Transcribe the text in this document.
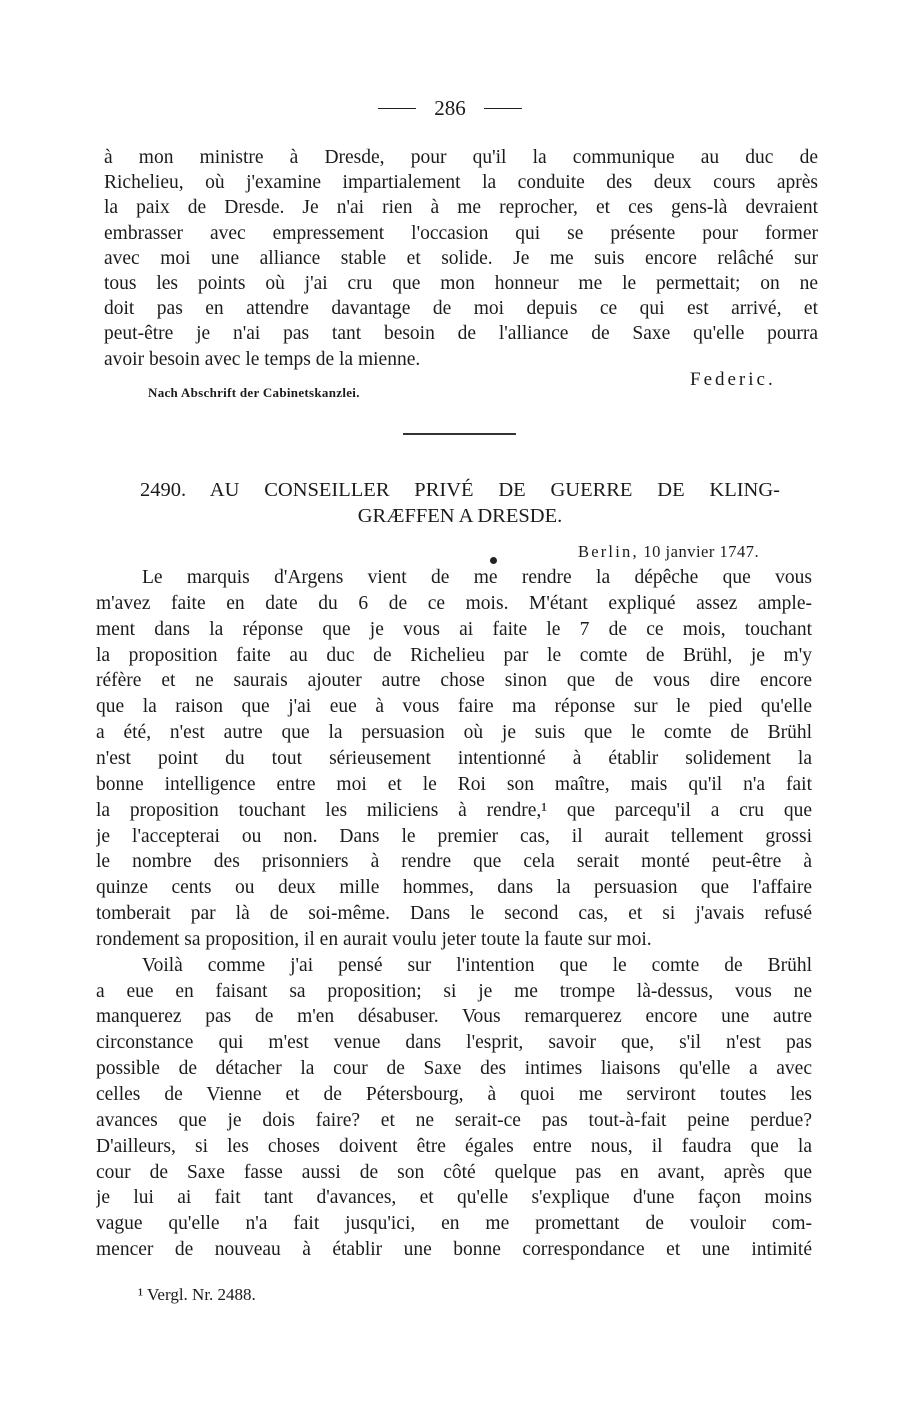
286
à mon ministre à Dresde, pour qu'il la communique au duc de
Richelieu, où j'examine impartialement la conduite des deux cours après
la paix de Dresde. Je n'ai rien à me reprocher, et ces gens-là devraient
embrasser avec empressement l'occasion qui se présente pour former
avec moi une alliance stable et solide. Je me suis encore relâché sur
tous les points où j'ai cru que mon honneur me le permettait; on ne
doit pas en attendre davantage de moi depuis ce qui est arrivé, et
peut-être je n'ai pas tant besoin de l'alliance de Saxe qu'elle pourra
avoir besoin avec le temps de la mienne.
Nach Abschrift der Cabinetskanzlei.
Federic.
2490. AU CONSEILLER PRIVÉ DE GUERRE DE KLING-
GRÆFFEN A DRESDE.
Berlin, 10 janvier 1747.
Le marquis d'Argens vient de me rendre la dépêche que vous
m'avez faite en date du 6 de ce mois. M'étant expliqué assez ample-
ment dans la réponse que je vous ai faite le 7 de ce mois, touchant
la proposition faite au duc de Richelieu par le comte de Brühl, je m'y
réfère et ne saurais ajouter autre chose sinon que de vous dire encore
que la raison que j'ai eue à vous faire ma réponse sur le pied qu'elle
a été, n'est autre que la persuasion où je suis que le comte de Brühl
n'est point du tout sérieusement intentionné à établir solidement la
bonne intelligence entre moi et le Roi son maître, mais qu'il n'a fait
la proposition touchant les miliciens à rendre,¹ que parcequ'il a cru que
je l'accepterai ou non. Dans le premier cas, il aurait tellement grossi
le nombre des prisonniers à rendre que cela serait monté peut-être à
quinze cents ou deux mille hommes, dans la persuasion que l'affaire
tomberait par là de soi-même. Dans le second cas, et si j'avais refusé
rondement sa proposition, il en aurait voulu jeter toute la faute sur moi.
Voilà comme j'ai pensé sur l'intention que le comte de Brühl
a eue en faisant sa proposition; si je me trompe là-dessus, vous ne
manquerez pas de m'en désabuser. Vous remarquerez encore une autre
circonstance qui m'est venue dans l'esprit, savoir que, s'il n'est pas
possible de détacher la cour de Saxe des intimes liaisons qu'elle a avec
celles de Vienne et de Pétersbourg, à quoi me serviront toutes les
avances que je dois faire? et ne serait-ce pas tout-à-fait peine perdue?
D'ailleurs, si les choses doivent être égales entre nous, il faudra que la
cour de Saxe fasse aussi de son côté quelque pas en avant, après que
je lui ai fait tant d'avances, et qu'elle s'explique d'une façon moins
vague qu'elle n'a fait jusqu'ici, en me promettant de vouloir com-
mencer de nouveau à établir une bonne correspondance et une intimité
¹ Vergl. Nr. 2488.
